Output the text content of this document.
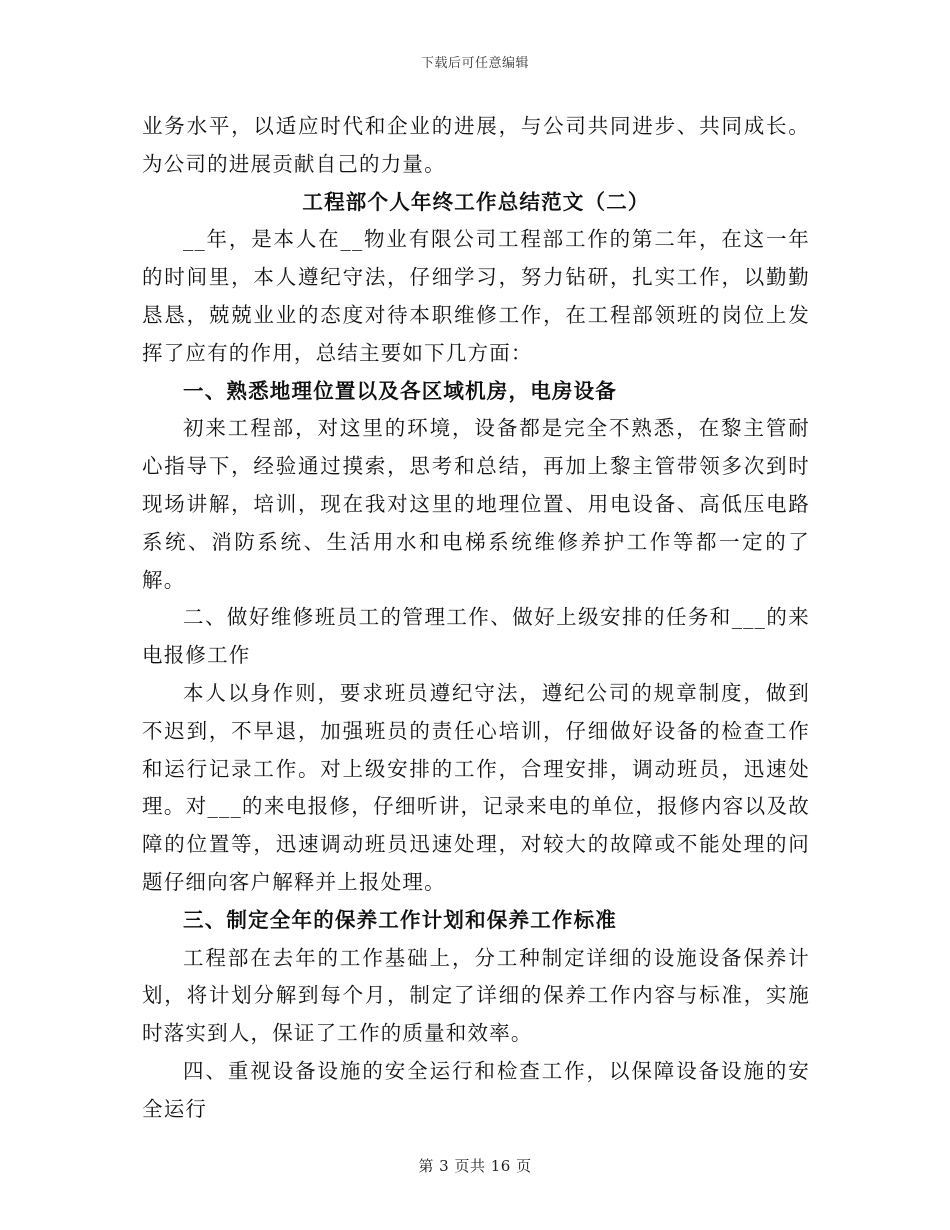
下载后可任意编辑

业务水平，以适应时代和企业的进展，与公司共同进步、共同成长。为公司的进展贡献自己的力量。

工程部个人年终工作总结范文（二）

__年，是本人在__物业有限公司工程部工作的第二年，在这一年的时间里，本人遵纪守法，仔细学习，努力钻研，扎实工作，以勤勤恳恳，兢兢业业的态度对待本职维修工作，在工程部领班的岗位上发挥了应有的作用，总结主要如下几方面：

一、熟悉地理位置以及各区域机房，电房设备

初来工程部，对这里的环境，设备都是完全不熟悉，在黎主管耐心指导下，经验通过摸索，思考和总结，再加上黎主管带领多次到时现场讲解，培训，现在我对这里的地理位置、用电设备、高低压电路系统、消防系统、生活用水和电梯系统维修养护工作等都一定的了解。

二、做好维修班员工的管理工作、做好上级安排的任务和___的来电报修工作

本人以身作则，要求班员遵纪守法，遵纪公司的规章制度，做到不迟到，不早退，加强班员的责任心培训，仔细做好设备的检查工作和运行记录工作。对上级安排的工作，合理安排，调动班员，迅速处理。对___的来电报修，仔细听讲，记录来电的单位，报修内容以及故障的位置等，迅速调动班员迅速处理，对较大的故障或不能处理的问题仔细向客户解释并上报处理。

三、制定全年的保养工作计划和保养工作标准

工程部在去年的工作基础上，分工种制定详细的设施设备保养计划，将计划分解到每个月，制定了详细的保养工作内容与标准，实施时落实到人，保证了工作的质量和效率。

四、重视设备设施的安全运行和检查工作，以保障设备设施的安全运行

第 3 页共 16 页
